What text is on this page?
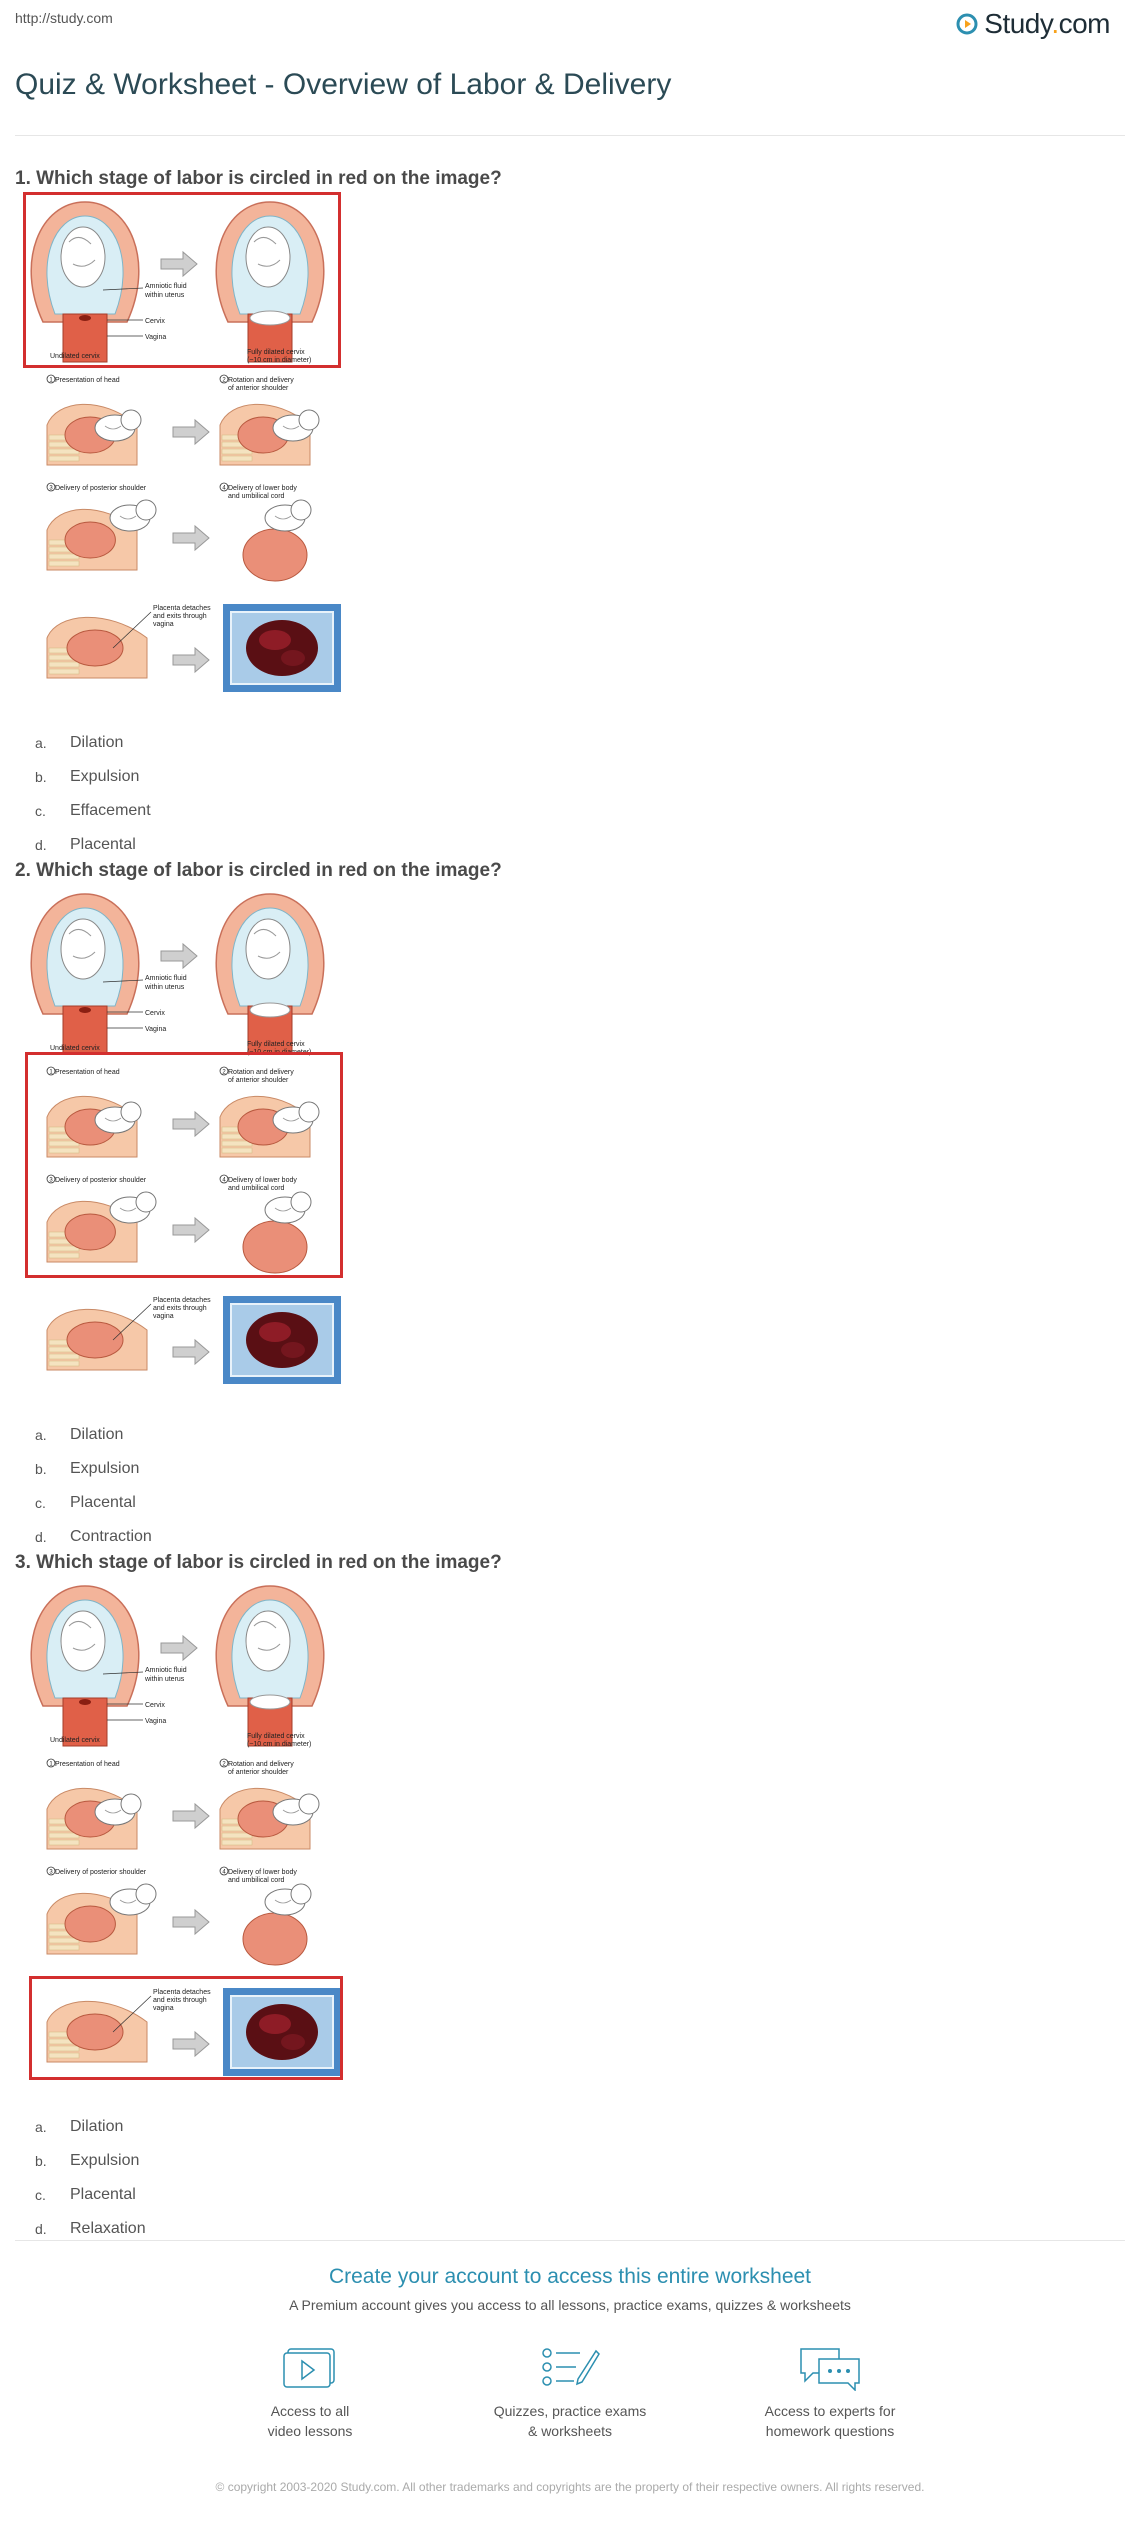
http://study.com	Study.com
Quiz & Worksheet - Overview of Labor & Delivery

1. Which stage of labor is circled in red on the image?

Amniotic fluid
within uterus
Cervix
Vagina
Undilated cervix
Fully dilated cervix
(~10 cm in diameter)
1 Presentation of head	2 Rotation and delivery
of anterior shoulder
3 Delivery of posterior shoulder	4 Delivery of lower body
and umbilical cord
Placenta detaches
and exits through
vagina
a.	Dilation
b.	Expulsion
c.	Effacement
d.	Placental

2. Which stage of labor is circled in red on the image?

Amniotic fluid
within uterus
Cervix
Vagina
Undilated cervix
Fully dilated cervix
(~10 cm in diameter)
1 Presentation of head	2 Rotation and delivery
of anterior shoulder
3 Delivery of posterior shoulder	4 Delivery of lower body
and umbilical cord
Placenta detaches
and exits through
vagina
a.	Dilation
b.	Expulsion
c.	Placental
d.	Contraction

3. Which stage of labor is circled in red on the image?

Amniotic fluid
within uterus
Cervix
Vagina
Undilated cervix
Fully dilated cervix
(~10 cm in diameter)
1 Presentation of head	2 Rotation and delivery
of anterior shoulder
3 Delivery of posterior shoulder	4 Delivery of lower body
and umbilical cord
Placenta detaches
and exits through
vagina
a.	Dilation
b.	Expulsion
c.	Placental
d.	Relaxation
Create your account to access this entire worksheet
A Premium account gives you access to all lessons, practice exams, quizzes & worksheets
Access to all
video lessons
Quizzes, practice exams
& worksheets
Access to experts for
homework questions
© copyright 2003-2020 Study.com. All other trademarks and copyrights are the property of their respective owners. All rights reserved.
